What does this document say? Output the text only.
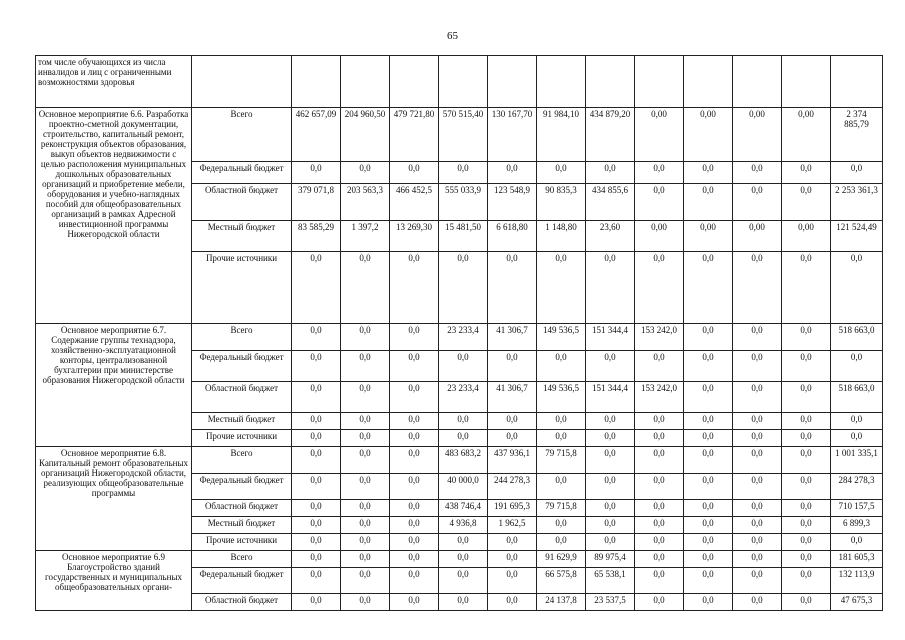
65
том числе обучающихся из числа инвалидов и лиц с ограниченными возможностями здоровья													
Основное мероприятие 6.6. Разработка проектно-сметной документации, строительство, капитальный ремонт, реконструкция объектов образования, выкуп объектов недвижимости с целью расположения муниципальных дошкольных образовательных организаций и приобретение мебели, оборудования и учебно-наглядных пособий для общеобразовательных организаций в рамках Адресной инвестиционной программы Нижегородской области	Всего	462 657,09	204 960,50	479 721,80	570 515,40	130 167,70	91 984,10	434 879,20	0,00	0,00	0,00	0,00	2 374 885,79
	Федеральный бюджет	0,0	0,0	0,0	0,0	0,0	0,0	0,0	0,0	0,0	0,0	0,0	0,0
	Областной бюджет	379 071,8	203 563,3	466 452,5	555 033,9	123 548,9	90 835,3	434 855,6	0,0	0,0	0,0	0,0	2 253 361,3
	Местный бюджет	83 585,29	1 397,2	13 269,30	15 481,50	6 618,80	1 148,80	23,60	0,00	0,00	0,00	0,00	121 524,49
	Прочие источники	0,0	0,0	0,0	0,0	0,0	0,0	0,0	0,0	0,0	0,0	0,0	0,0
Основное мероприятие 6.7. Содержание группы технадзора, хозяйственно-эксплуатационной конторы, централизованной бухгалтерии при министерстве образования Нижегородской области	Всего	0,0	0,0	0,0	23 233,4	41 306,7	149 536,5	151 344,4	153 242,0	0,0	0,0	0,0	518 663,0
	Федеральный бюджет	0,0	0,0	0,0	0,0	0,0	0,0	0,0	0,0	0,0	0,0	0,0	0,0
	Областной бюджет	0,0	0,0	0,0	23 233,4	41 306,7	149 536,5	151 344,4	153 242,0	0,0	0,0	0,0	518 663,0
	Местный бюджет	0,0	0,0	0,0	0,0	0,0	0,0	0,0	0,0	0,0	0,0	0,0	0,0
	Прочие источники	0,0	0,0	0,0	0,0	0,0	0,0	0,0	0,0	0,0	0,0	0,0	0,0
Основное мероприятие 6.8. Капитальный ремонт образовательных организаций Нижегородской области, реализующих общеобразовательные программы	Всего	0,0	0,0	0,0	483 683,2	437 936,1	79 715,8	0,0	0,0	0,0	0,0	0,0	1 001 335,1
	Федеральный бюджет	0,0	0,0	0,0	40 000,0	244 278,3	0,0	0,0	0,0	0,0	0,0	0,0	284 278,3
	Областной бюджет	0,0	0,0	0,0	438 746,4	191 695,3	79 715,8	0,0	0,0	0,0	0,0	0,0	710 157,5
	Местный бюджет	0,0	0,0	0,0	4 936,8	1 962,5	0,0	0,0	0,0	0,0	0,0	0,0	6 899,3
	Прочие источники	0,0	0,0	0,0	0,0	0,0	0,0	0,0	0,0	0,0	0,0	0,0	0,0
Основное мероприятие 6.9 Благоустройство зданий государственных и муниципальных общеобразовательных органи-	Всего	0,0	0,0	0,0	0,0	0,0	91 629,9	89 975,4	0,0	0,0	0,0	0,0	181 605,3
	Федеральный бюджет	0,0	0,0	0,0	0,0	0,0	66 575,8	65 538,1	0,0	0,0	0,0	0,0	132 113,9
	Областной бюджет	0,0	0,0	0,0	0,0	0,0	24 137,8	23 537,5	0,0	0,0	0,0	0,0	47 675,3
